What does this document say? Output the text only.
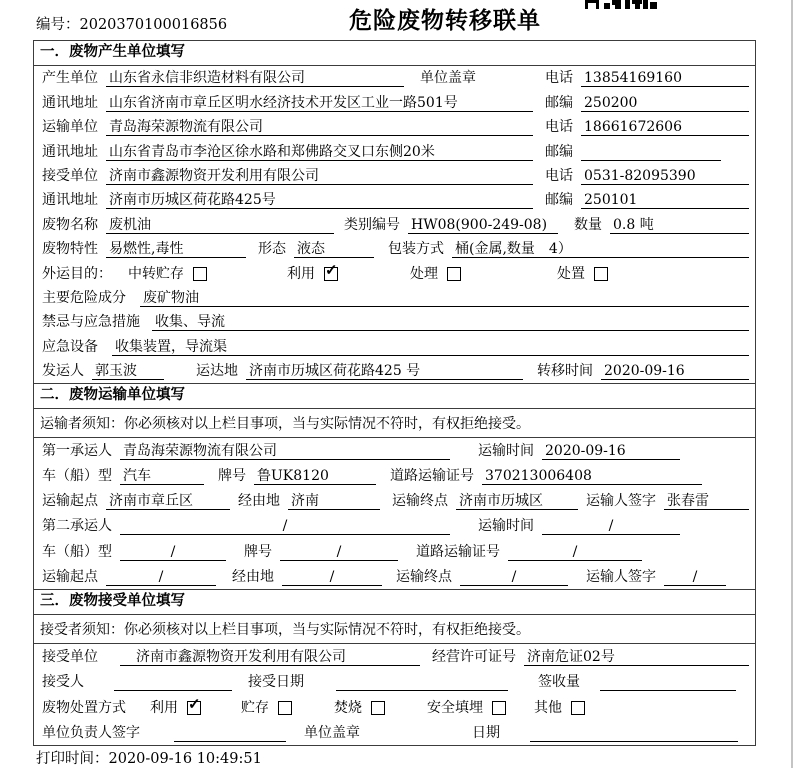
编号：2020370100016856	危险废物转移联单
一．废物产生单位填写
产生单位 山东省永信非织造材料有限公司	单位盖章	电话 13854169160
通讯地址 山东省济南市章丘区明水经济技术开发区工业一路501号	邮编 250200
运输单位 青岛海荣源物流有限公司	电话 18661672606
通讯地址 山东省青岛市李沧区徐水路和郑佛路交叉口东侧20米	邮编
接受单位 济南市鑫源物资开发利用有限公司	电话 0531-82095390
通讯地址 济南市历城区荷花路425号	邮编 250101
废物名称 废机油	类别编号 HW08(900-249-08)	数量 0.8 吨
废物特性 易燃性,毒性	形态 液态	包装方式 桶(金属,数量　4）
外运目的： 中转贮存	利用 ✓	处理	处置
主要危险成分 废矿物油
禁忌与应急措施 收集、导流
应急设备 收集装置，导流渠
发运人 郭玉波	运达地 济南市历城区荷花路425 号	转移时间 2020-09-16
二．废物运输单位填写
运输者须知：你必须核对以上栏目事项，当与实际情况不符时，有权拒绝接受。
第一承运人 青岛海荣源物流有限公司	运输时间 2020-09-16
车（船）型 汽车	牌号 鲁UK8120	道路运输证号 370213006408
运输起点 济南市章丘区	经由地 济南	运输终点 济南市历城区	运输人签字 张春雷
第二承运人	/	运输时间	/
车（船）型	/	牌号	/	道路运输证号	/
运输起点	/	经由地	/	运输终点	/	运输人签字	/
三．废物接受单位填写
接受者须知：你必须核对以上栏目事项，当与实际情况不符时，有权拒绝接受。
接受单位	济南市鑫源物资开发利用有限公司	经营许可证号 济南危证02号
接受人	接受日期	签收量
废物处置方式 利用 ✓	贮存	焚烧	安全填埋	其他
单位负责人签字	单位盖章	日期
打印时间：2020-09-16 10:49:51
